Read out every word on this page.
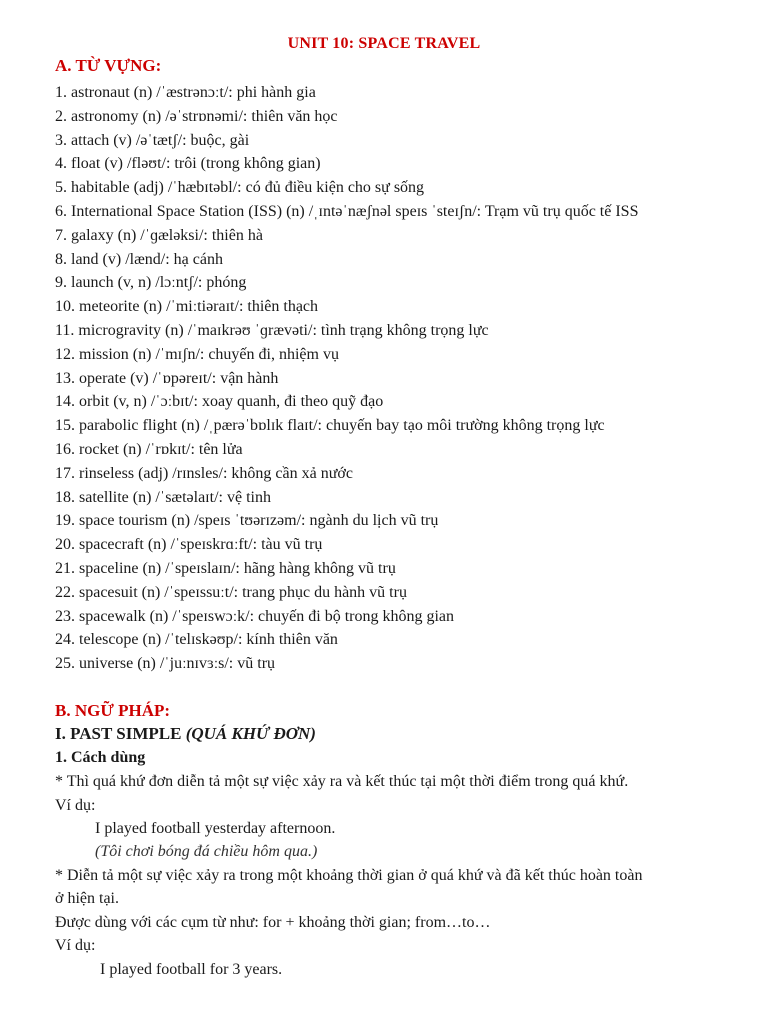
UNIT 10: SPACE TRAVEL
A. TỪ VỰNG:
1. astronaut (n) /ˈæstrənɔːt/: phi hành gia
2. astronomy (n) /əˈstrɒnəmi/: thiên văn học
3. attach (v) /əˈtætʃ/: buộc, gài
4. float (v) /fləʊt/: trôi (trong không gian)
5. habitable (adj) /ˈhæbɪtəbl/: có đủ điều kiện cho sự sống
6. International Space Station (ISS) (n) /ˌɪntəˈnæʃnəl speɪs ˈsteɪʃn/: Trạm vũ trụ quốc tế ISS
7. galaxy (n) /ˈɡæləksi/: thiên hà
8. land (v) /lænd/: hạ cánh
9. launch (v, n) /lɔːntʃ/: phóng
10. meteorite (n) /ˈmiːtiəraɪt/: thiên thạch
11. microgravity (n) /ˈmaɪkrəʊ ˈɡrævəti/: tình trạng không trọng lực
12. mission (n) /ˈmɪʃn/: chuyến đi, nhiệm vụ
13. operate (v) /ˈɒpəreɪt/: vận hành
14. orbit (v, n) /ˈɔːbɪt/: xoay quanh, đi theo quỹ đạo
15. parabolic flight (n) /ˌpærəˈbɒlɪk flaɪt/: chuyến bay tạo môi trường không trọng lực
16. rocket (n) /ˈrɒkɪt/: tên lửa
17. rinseless (adj) /rɪnsles/: không cần xả nước
18. satellite (n) /ˈsætəlaɪt/: vệ tinh
19. space tourism (n) /speɪs ˈtʊərɪzəm/: ngành du lịch vũ trụ
20. spacecraft (n) /ˈspeɪskrɑːft/: tàu vũ trụ
21. spaceline (n) /ˈspeɪslaɪn/: hãng hàng không vũ trụ
22. spacesuit (n) /ˈspeɪssuːt/: trang phục du hành vũ trụ
23. spacewalk (n) /ˈspeɪswɔːk/: chuyến đi bộ trong không gian
24. telescope (n) /ˈtelɪskəʊp/: kính thiên văn
25. universe (n) /ˈjuːnɪvɜːs/: vũ trụ
B. NGỮ PHÁP:
I. PAST SIMPLE (QUÁ KHỨ ĐƠN)
1. Cách dùng
* Thì quá khứ đơn diễn tả một sự việc xảy ra và kết thúc tại một thời điểm trong quá khứ.
Ví dụ:
I played football yesterday afternoon.
(Tôi chơi bóng đá chiều hôm qua.)
* Diễn tả một sự việc xảy ra trong một khoảng thời gian ở quá khứ và đã kết thúc hoàn toàn
ở hiện tại.
Được dùng với các cụm từ như: for + khoảng thời gian; from…to…
Ví dụ:
I played football for 3 years.
